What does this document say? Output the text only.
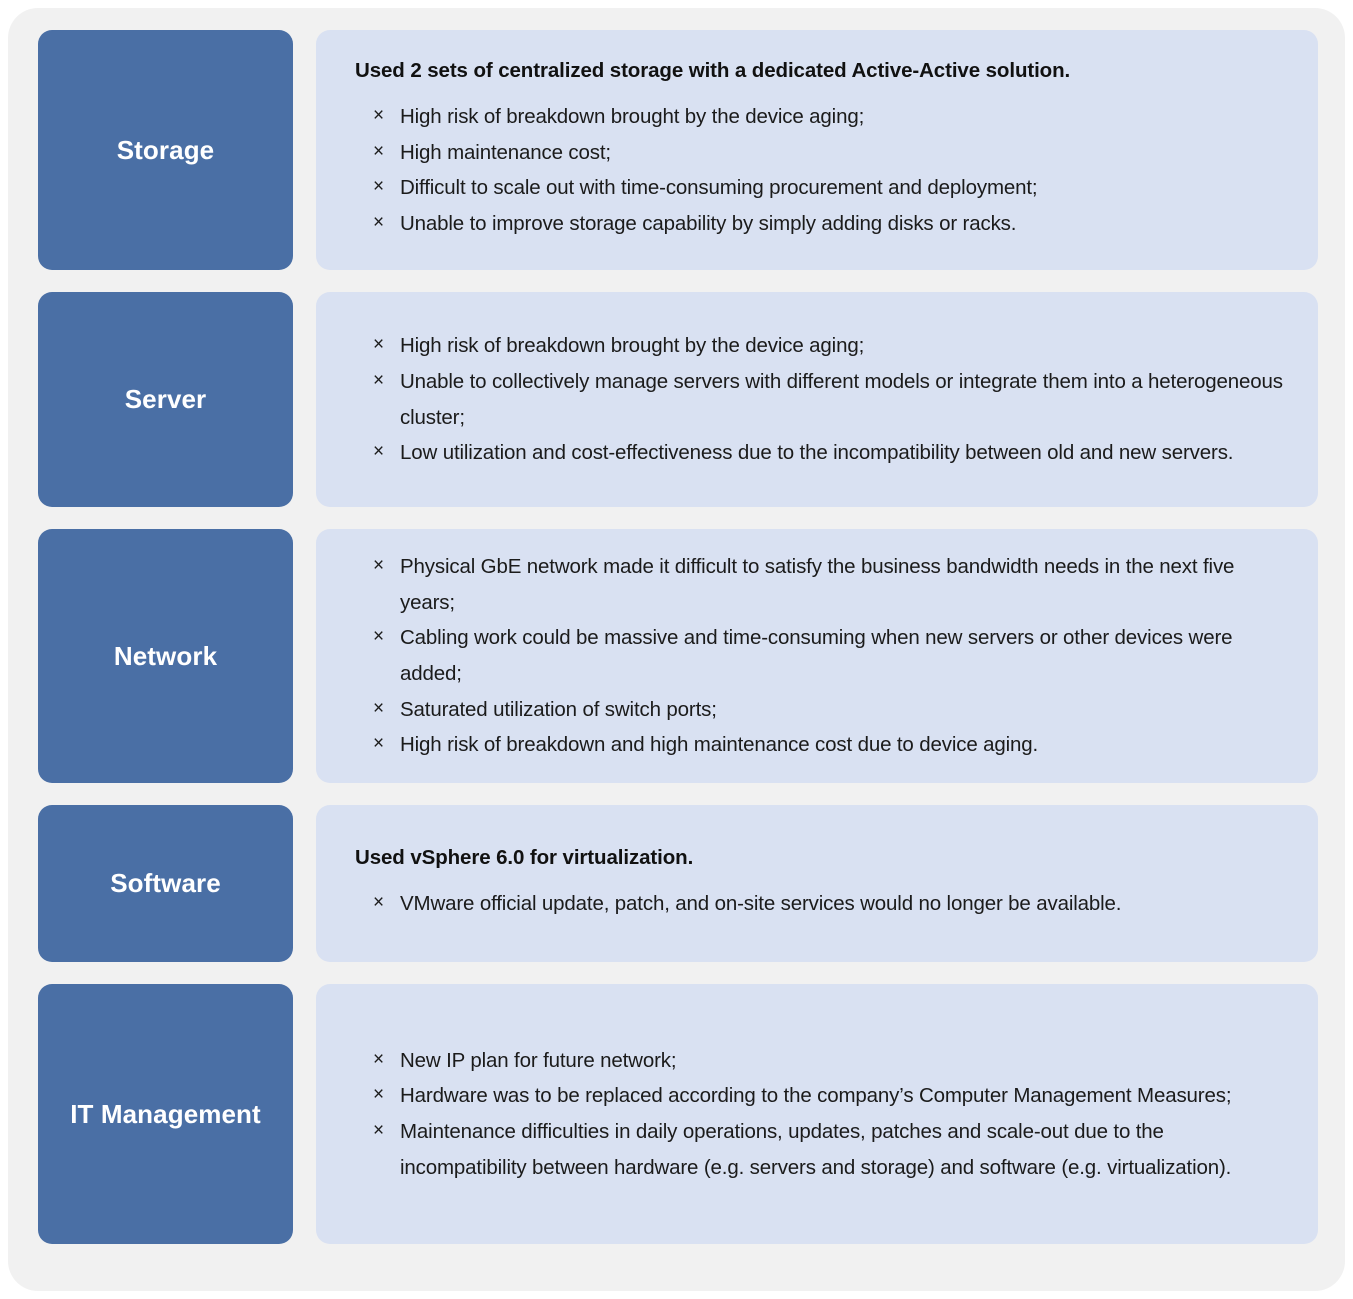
Storage
Used 2 sets of centralized storage with a dedicated Active-Active solution.
× High risk of breakdown brought by the device aging;
× High maintenance cost;
× Difficult to scale out with time-consuming procurement and deployment;
× Unable to improve storage capability by simply adding disks or racks.
Server
× High risk of breakdown brought by the device aging;
× Unable to collectively manage servers with different models or integrate them into a heterogeneous cluster;
× Low utilization and cost-effectiveness due to the incompatibility between old and new servers.
Network
× Physical GbE network made it difficult to satisfy the business bandwidth needs in the next five years;
× Cabling work could be massive and time-consuming when new servers or other devices were added;
× Saturated utilization of switch ports;
× High risk of breakdown and high maintenance cost due to device aging.
Software
Used vSphere 6.0 for virtualization.
× VMware official update, patch, and on-site services would no longer be available.
IT Management
× New IP plan for future network;
× Hardware was to be replaced according to the company’s Computer Management Measures;
× Maintenance difficulties in daily operations, updates, patches and scale-out due to the incompatibility between hardware (e.g. servers and storage) and software (e.g. virtualization).
